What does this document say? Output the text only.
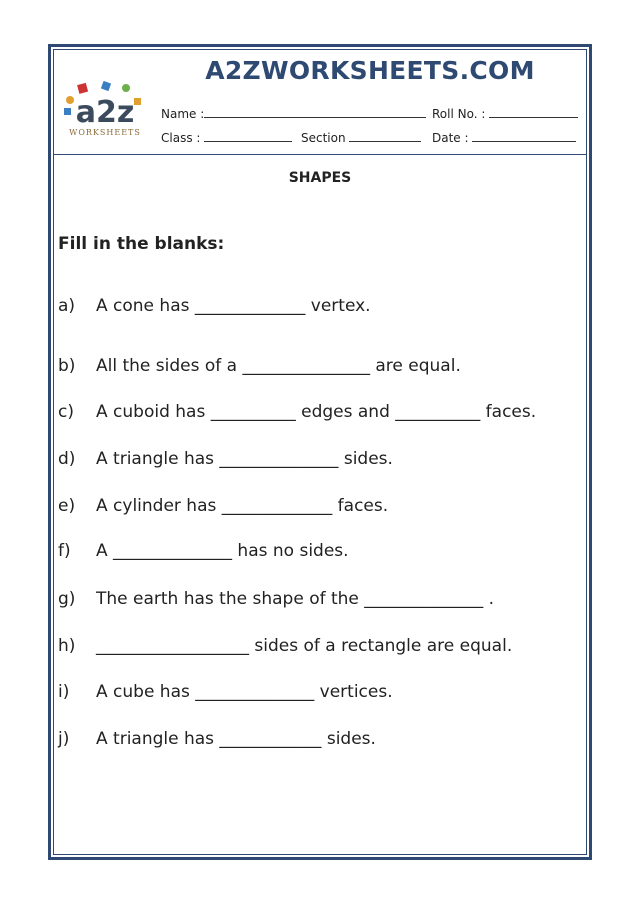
a2z
WORKSHEETS
A2ZWORKSHEETS.COM
Name :	Roll No. :
Class :	Section	Date :
SHAPES
Fill in the blanks:
a) A cone has _____________ vertex.
b) All the sides of a _______________ are equal.
c) A cuboid has __________ edges and __________ faces.
d) A triangle has ______________ sides.
e) A cylinder has _____________ faces.
f) A ______________ has no sides.
g) The earth has the shape of the ______________ .
h) __________________ sides of a rectangle are equal.
i) A cube has ______________ vertices.
j) A triangle has ____________ sides.
